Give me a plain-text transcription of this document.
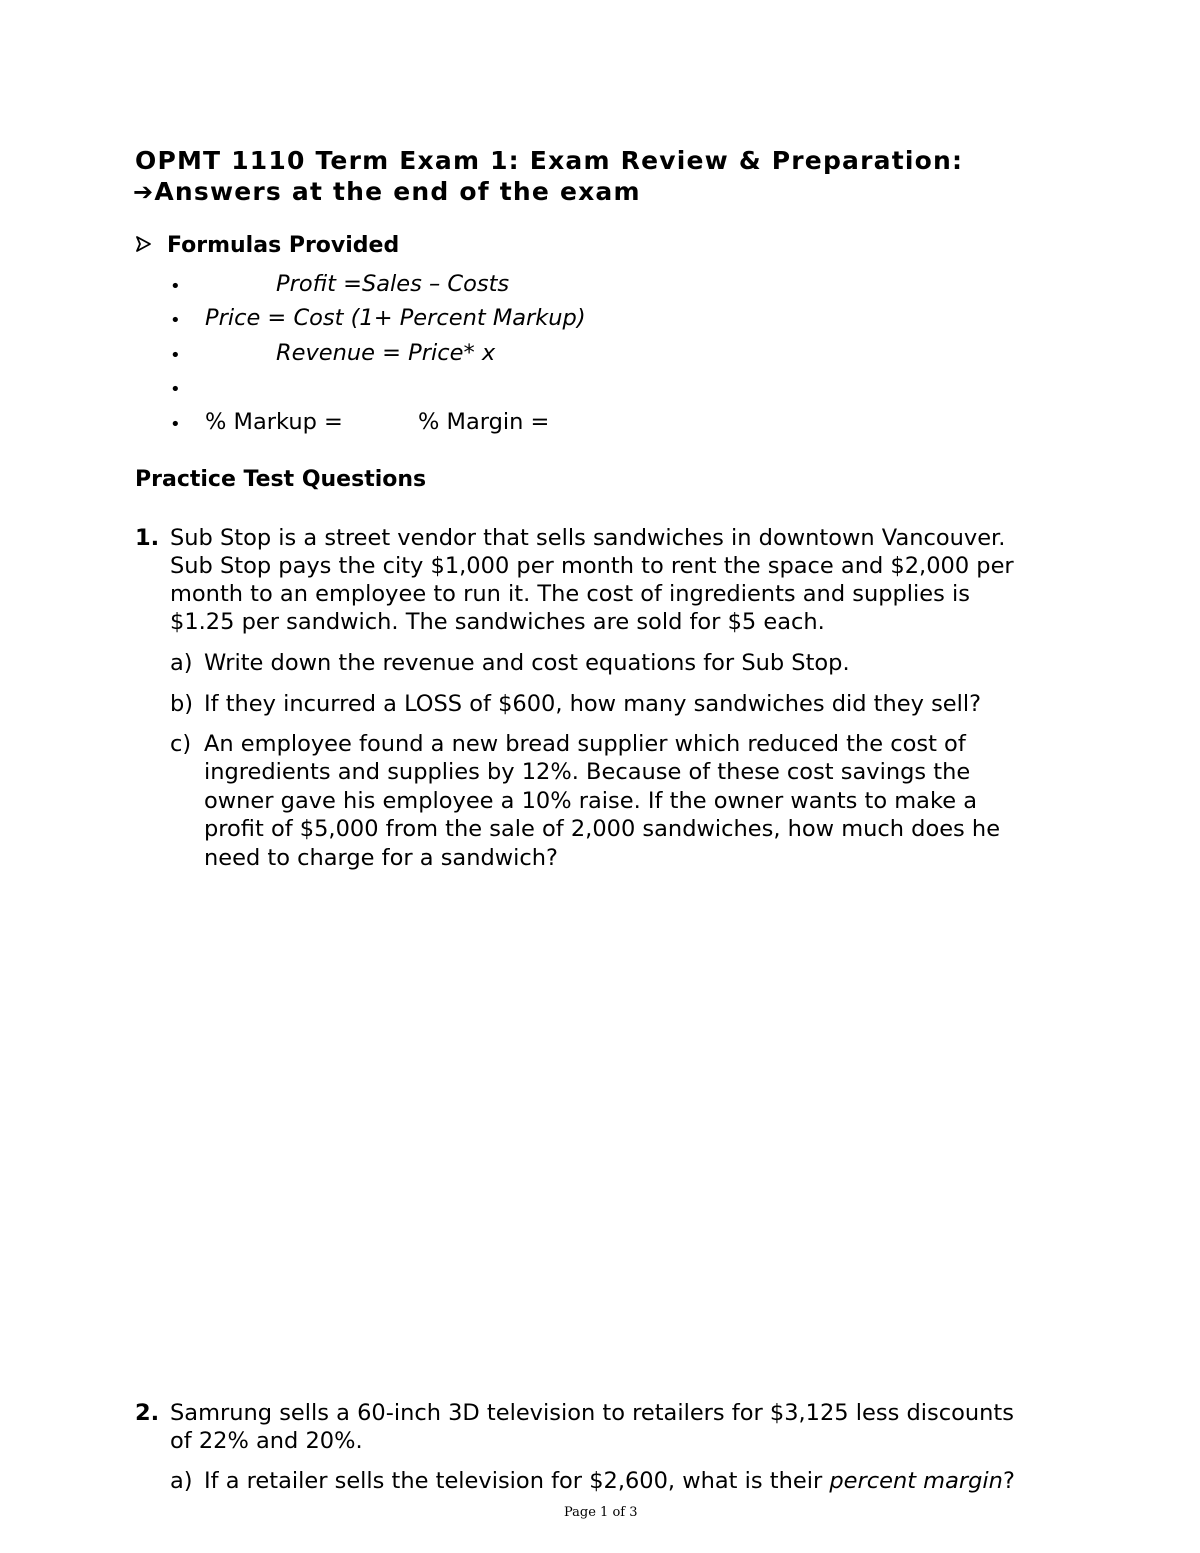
OPMT 1110 Term Exam 1: Exam Review & Preparation:
➔Answers at the end of the exam
Formulas Provided
•	Profit =Sales – Costs
• Price = Cost (1+ Percent Markup)
•	Revenue = Price* x
•
• % Markup =	% Margin =
Practice Test Questions
1. Sub Stop is a street vendor that sells sandwiches in downtown Vancouver.
Sub Stop pays the city $1,000 per month to rent the space and $2,000 per
month to an employee to run it. The cost of ingredients and supplies is
$1.25 per sandwich. The sandwiches are sold for $5 each.
a) Write down the revenue and cost equations for Sub Stop.
b) If they incurred a LOSS of $600, how many sandwiches did they sell?
c) An employee found a new bread supplier which reduced the cost of
ingredients and supplies by 12%. Because of these cost savings the
owner gave his employee a 10% raise. If the owner wants to make a
profit of $5,000 from the sale of 2,000 sandwiches, how much does he
need to charge for a sandwich?
2. Samrung sells a 60-inch 3D television to retailers for $3,125 less discounts
of 22% and 20%.
a) If a retailer sells the television for $2,600, what is their percent margin?
Page 1 of 3
